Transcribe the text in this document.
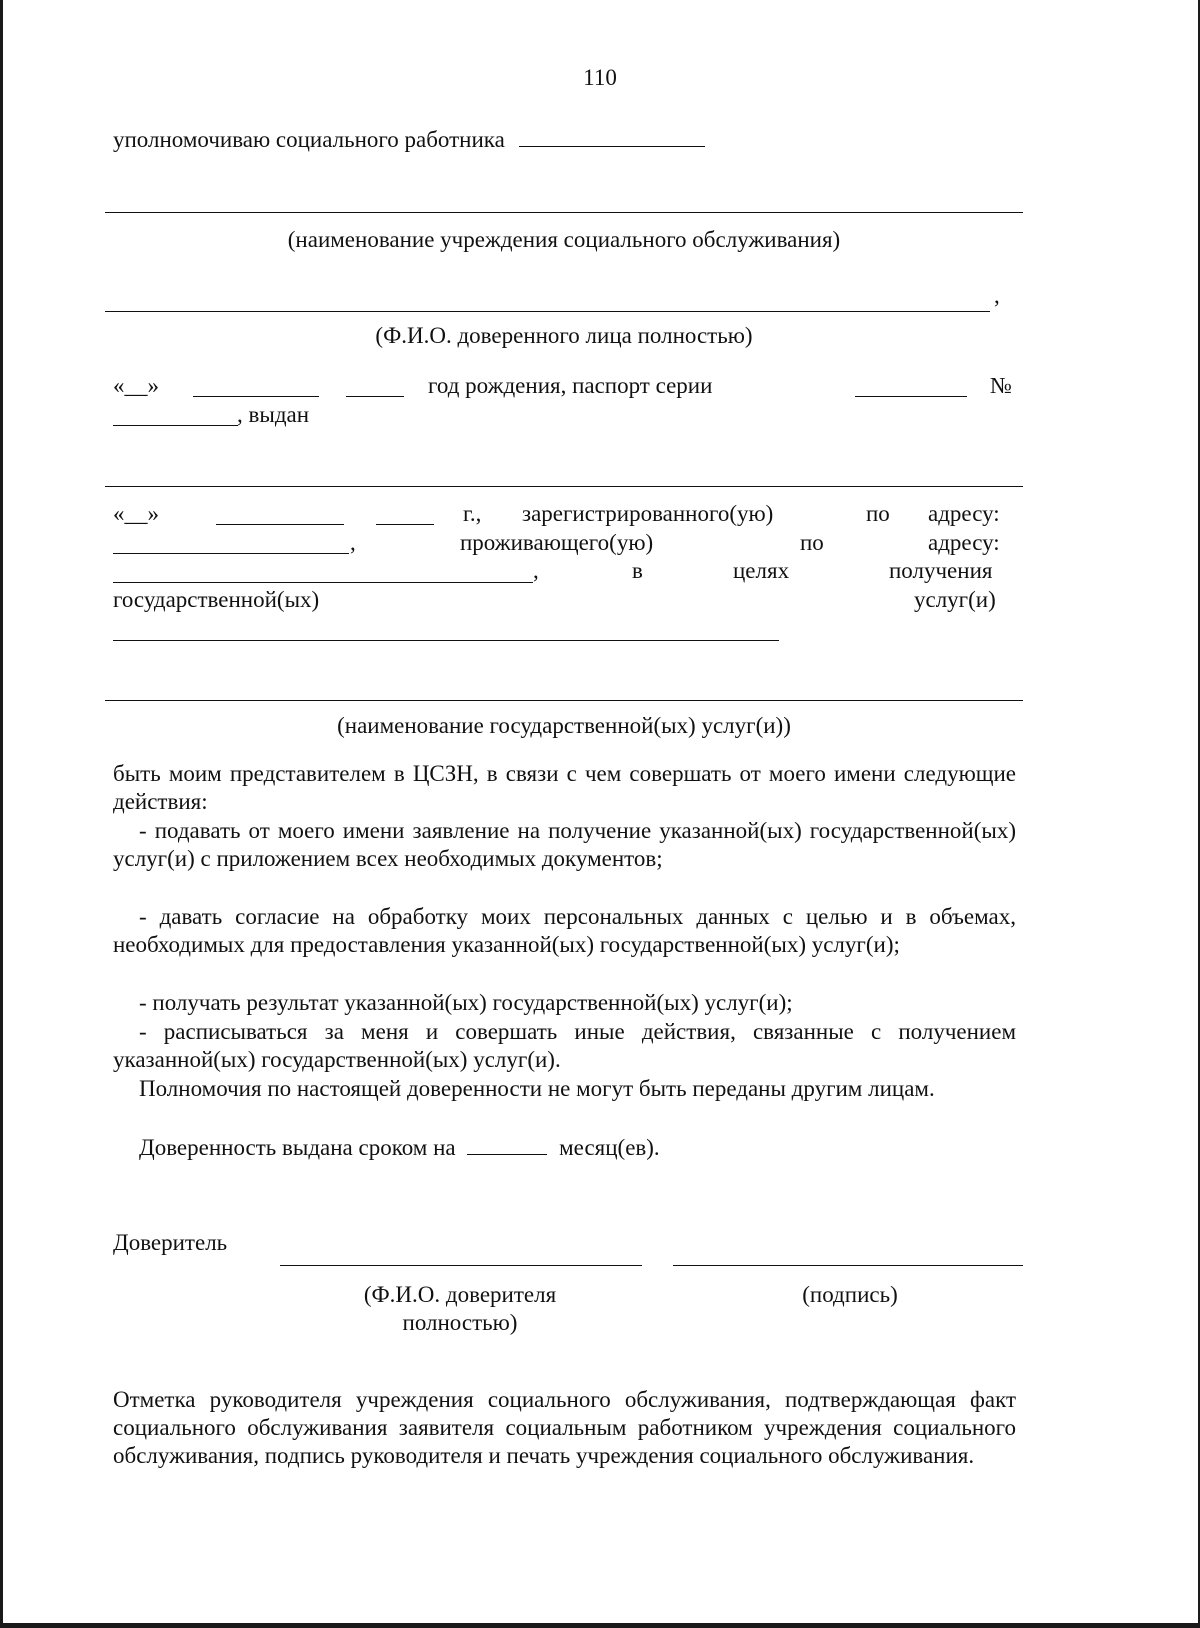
110
уполномочиваю социального работника
(наименование учреждения социального обслуживания)
,
(Ф.И.О. доверенного лица полностью)
«__»	год рождения, паспорт серии	№
, выдан
«__»	г., зарегистрированного(ую)	по адресу:
,	проживающего(ую)	по	адресу:
,	в	целях	получения
государственной(ых)	услуг(и)
(наименование государственной(ых) услуг(и))
быть моим представителем в ЦСЗН, в связи с чем совершать от моего имени следующие действия:
- подавать от моего имени заявление на получение указанной(ых) государственной(ых) услуг(и) с приложением всех необходимых документов;
- давать согласие на обработку моих персональных данных с целью и в объемах, необходимых для предоставления указанной(ых) государственной(ых) услуг(и);
- получать результат указанной(ых) государственной(ых) услуг(и);
- расписываться за меня и совершать иные действия, связанные с получением указанной(ых) государственной(ых) услуг(и).
Полномочия по настоящей доверенности не могут быть переданы другим лицам.
Доверенность выдана сроком на	месяц(ев).
Доверитель
(Ф.И.О. доверителя
полностью)
(подпись)
Отметка руководителя учреждения социального обслуживания, подтверждающая факт социального обслуживания заявителя социальным работником учреждения социального обслуживания, подпись руководителя и печать учреждения социального обслуживания.
